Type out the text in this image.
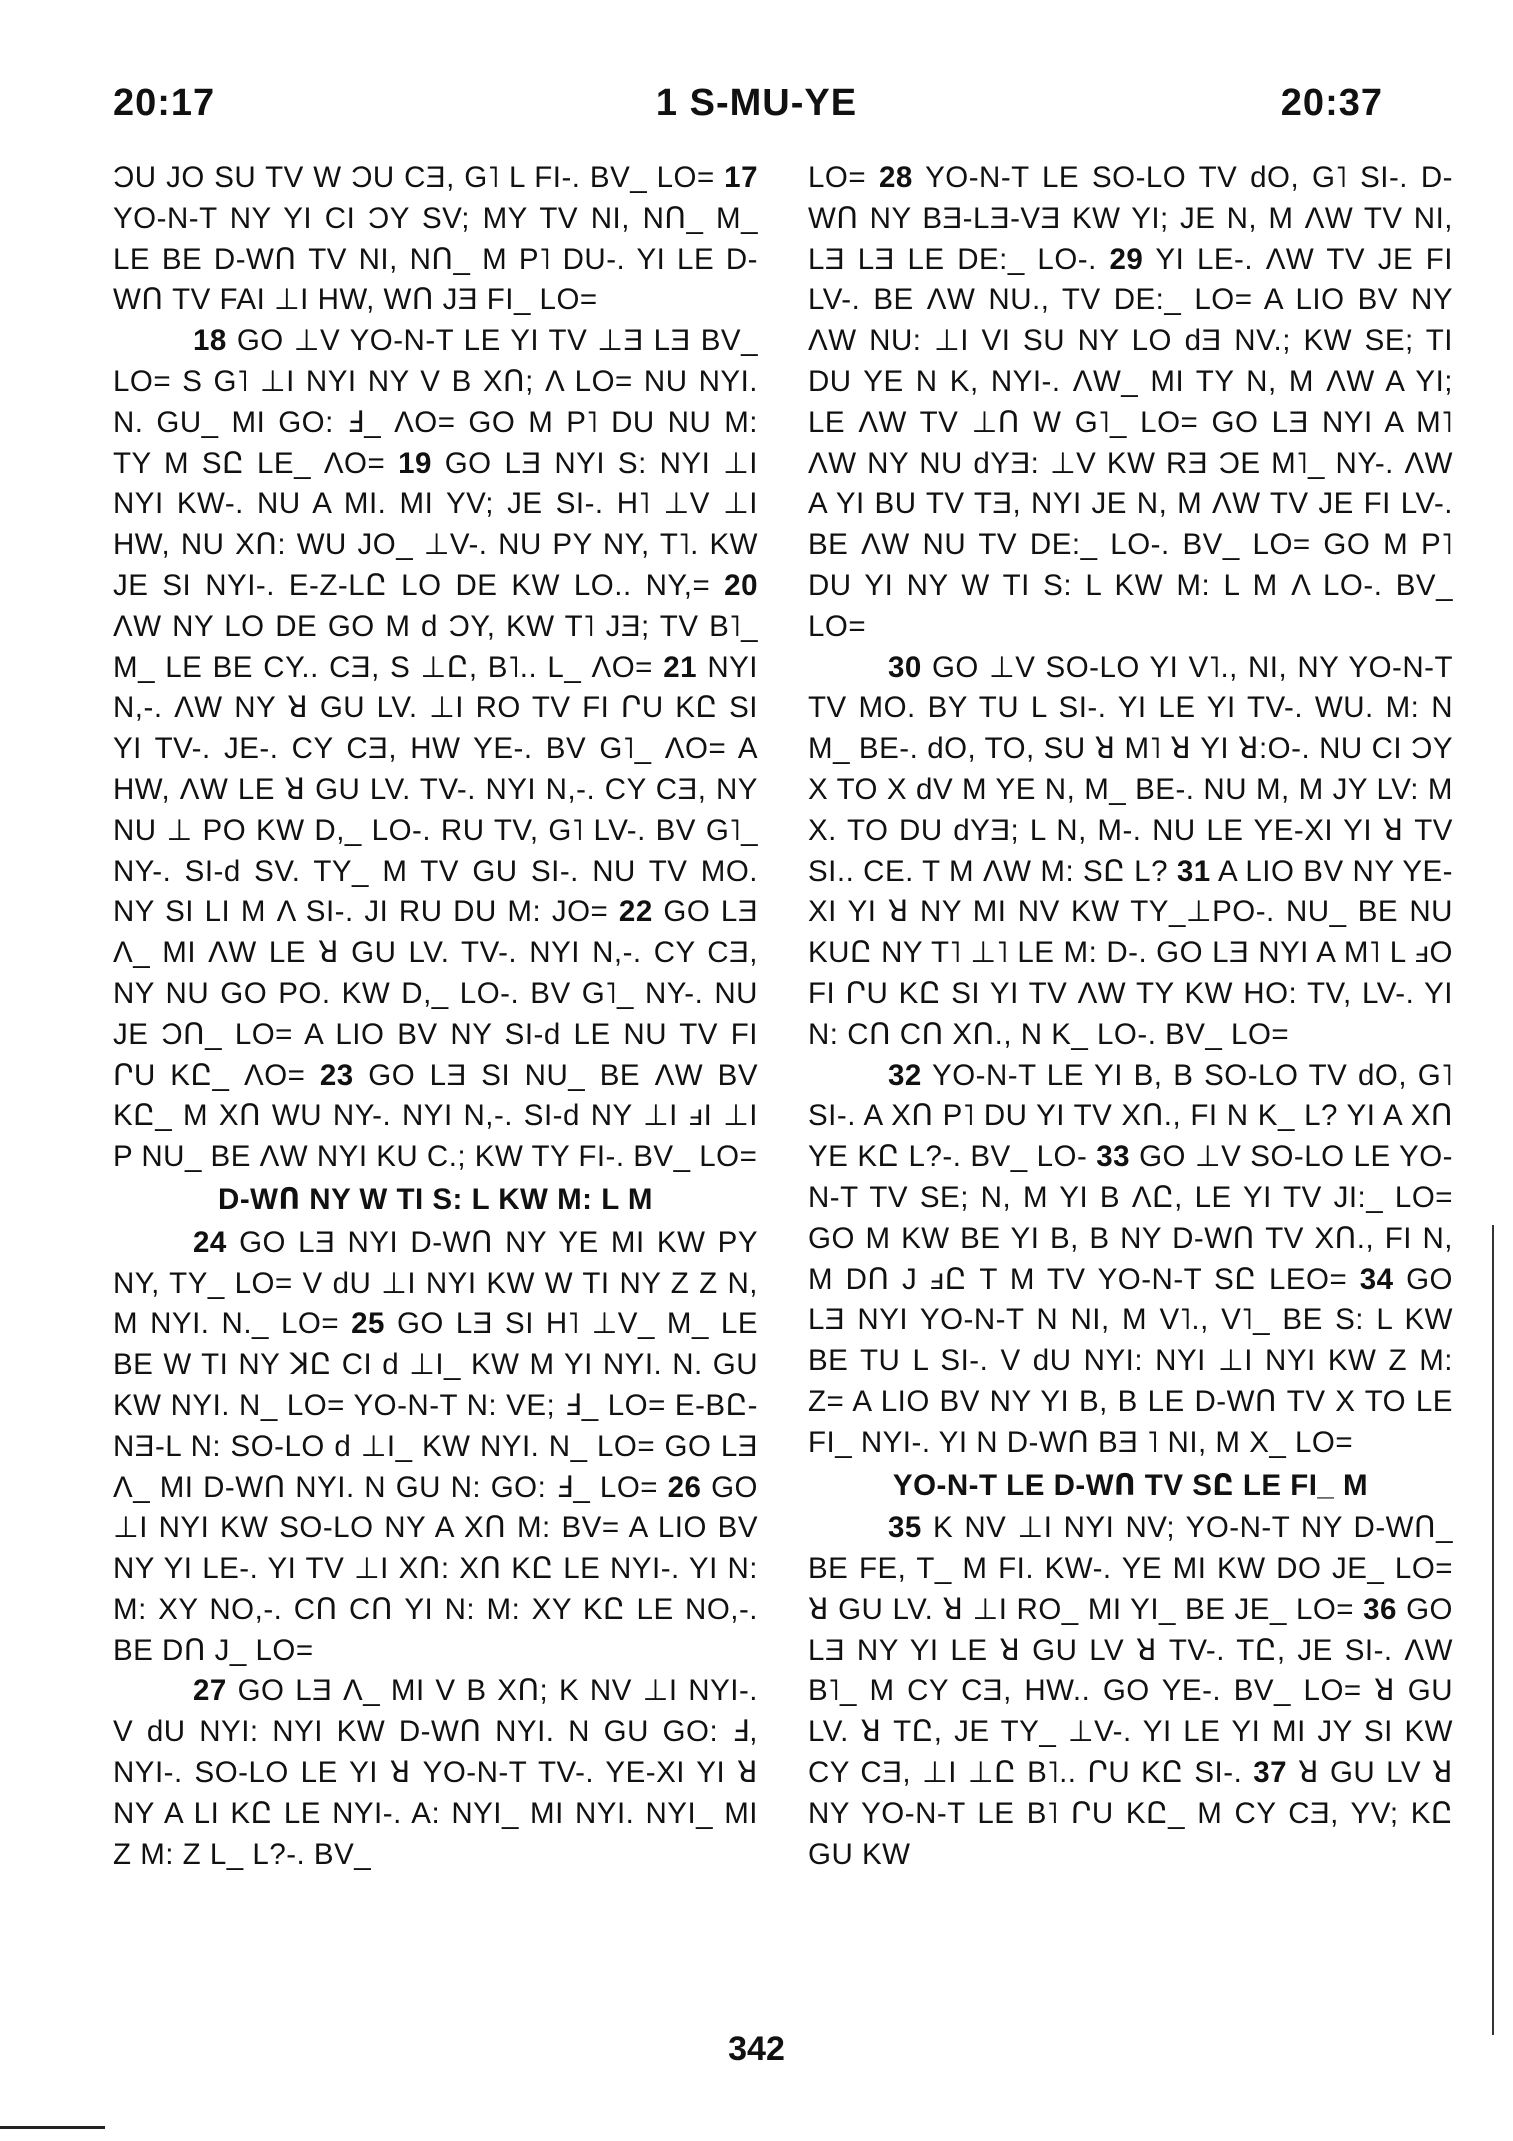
20:17	1 S-MU-YE	20:37

ƆU JO SU TV W ƆU CƎ, G˥ L FI-. BV_ LO= 17 YO-N-T NY YI CI ƆY SV; MY TV NI, NՈ_ M_ LE BE D-WՈ TV NI, NՈ_ M P˥ DU-. YI LE D-WՈ TV FAI ⊥I HW, WՈ JƎ FI_ LO=

18 GO ⊥V YO-N-T LE YI TV ⊥Ǝ LƎ BV_ LO= S G˥ ⊥I NYI NY V B XՈ; Λ LO= NU NYI. N. GU_ MI GO: Ⅎ_ ΛO= GO M P˥ DU NU M: TY M SԸ LE_ ΛO= 19 GO LƎ NYI S: NYI ⊥I NYI KW-. NU A MI. MI YV; JE SI-. H˥ ⊥V ⊥I HW, NU XՈ: WU JO_ ⊥V-. NU PY NY, T˥. KW JE SI NYI-. E-Z-LԸ LO DE KW LO.. NY,= 20 ΛW NY LO DE GO M ԁ ƆY, KW T˥ JƎ; TV B˥_ M_ LE BE CY.. CƎ, S ⊥Ը, B˥.. L_ ΛO= 21 NYI N,-. ΛW NY ꓤ GU LV. ⊥I RO TV FI ՐU KԸ SI YI TV-. JE-. CY CƎ, HW YE-. BV G˥_ ΛO= A HW, ΛW LE ꓤ GU LV. TV-. NYI N,-. CY CƎ, NY NU ⊥ PO KW D,_ LO-. RU TV, G˥ LV-. BV G˥_ NY-. SI-ԁ SV. TY_ M TV GU SI-. NU TV MO. NY SI LI M Λ SI-. JI RU DU M: JO= 22 GO LƎ Λ_ MI ΛW LE ꓤ GU LV. TV-. NYI N,-. CY CƎ, NY NU GO PO. KW D,_ LO-. BV G˥_ NY-. NU JE ƆՈ_ LO= A LIO BV NY SI-ԁ LE NU TV FI ՐU KԸ_ ΛO= 23 GO LƎ SI NU_ BE ΛW BV KԸ_ M XՈ WU NY-. NYI N,-. SI-ԁ NY ⊥I ⅎI ⊥I P NU_ BE ΛW NYI KU C.; KW TY FI-. BV_ LO=

D-WՈ NY W TI S: L KW M: L M

24 GO LƎ NYI D-WՈ NY YE MI KW PY NY, TY_ LO= V ԁU ⊥I NYI KW W TI NY Z Z N, M NYI. N._ LO= 25 GO LƎ SI H˥ ⊥V_ M_ LE BE W TI NY ꓘԸ CI ԁ ⊥I_ KW M YI NYI. N. GU KW NYI. N_ LO= YO-N-T N: VE; Ⅎ_ LO= E-BԸ-NƎ-L N: SO-LO ԁ ⊥I_ KW NYI. N_ LO= GO LƎ Λ_ MI D-WՈ NYI. N GU N: GO: Ⅎ_ LO= 26 GO ⊥I NYI KW SO-LO NY A XՈ M: BV= A LIO BV NY YI LE-. YI TV ⊥I XՈ: XՈ KԸ LE NYI-. YI N: M: XY NO,-. CՈ CՈ YI N: M: XY KԸ LE NO,-. BE DՈ J_ LO=

27 GO LƎ Λ_ MI V B XՈ; K NV ⊥I NYI-. V ԁU NYI: NYI KW D-WՈ NYI. N GU GO: Ⅎ, NYI-. SO-LO LE YI ꓤ YO-N-T TV-. YE-XI YI ꓤ NY A LI KԸ LE NYI-. A: NYI_ MI NYI. NYI_ MI Z M: Z L_ L?-. BV_

LO= 28 YO-N-T LE SO-LO TV ԁO, G˥ SI-. D-WՈ NY BƎ-LƎ-VƎ KW YI; JE N, M ΛW TV NI, LƎ LƎ LE DE:_ LO-. 29 YI LE-. ΛW TV JE FI LV-. BE ΛW NU., TV DE:_ LO= A LIO BV NY ΛW NU: ⊥I VI SU NY LO ԁƎ NV.; KW SE; TI DU YE N K, NYI-. ΛW_ MI TY N, M ΛW A YI; LE ΛW TV ⊥Ո W G˥_ LO= GO LƎ NYI A M˥ ΛW NY NU ԁYƎ: ⊥V KW RƎ ƆE M˥_ NY-. ΛW A YI BU TV TƎ, NYI JE N, M ΛW TV JE FI LV-. BE ΛW NU TV DE:_ LO-. BV_ LO= GO M P˥ DU YI NY W TI S: L KW M: L M Λ LO-. BV_ LO=

30 GO ⊥V SO-LO YI V˥., NI, NY YO-N-T TV MO. BY TU L SI-. YI LE YI TV-. WU. M: N M_ BE-. ԁO, TO, SU ꓤ M˥ ꓤ YI ꓤ:O-. NU CI ƆY X TO X ԁV M YE N, M_ BE-. NU M, M JY LV: M X. TO DU ԁYƎ; L N, M-. NU LE YE-XI YI ꓤ TV SI.. CE. T M ΛW M: SԸ L? 31 A LIO BV NY YE-XI YI ꓤ NY MI NV KW TY_⊥PO-. NU_ BE NU KUԸ NY T˥ ⊥˥ LE M: D-. GO LƎ NYI A M˥ L ⅎO FI ՐU KԸ SI YI TV ΛW TY KW HO: TV, LV-. YI N: CՈ CՈ XՈ., N K_ LO-. BV_ LO=

32 YO-N-T LE YI B, B SO-LO TV ԁO, G˥ SI-. A XՈ P˥ DU YI TV XՈ., FI N K_ L? YI A XՈ YE KԸ L?-. BV_ LO- 33 GO ⊥V SO-LO LE YO-N-T TV SE; N, M YI B ΛԸ, LE YI TV JI:_ LO= GO M KW BE YI B, B NY D-WՈ TV XՈ., FI N, M DՈ J ⅎԸ T M TV YO-N-T SԸ LEO= 34 GO LƎ NYI YO-N-T N NI, M V˥., V˥_ BE S: L KW BE TU L SI-. V ԁU NYI: NYI ⊥I NYI KW Z M: Z= A LIO BV NY YI B, B LE D-WՈ TV X TO LE FI_ NYI-. YI N D-WՈ BƎ ˥ NI, M X_ LO=

YO-N-T LE D-WՈ TV SԸ LE FI_ M

35 K NV ⊥I NYI NV; YO-N-T NY D-WՈ_ BE FE, T_ M FI. KW-. YE MI KW DO JE_ LO= ꓤ GU LV. ꓤ ⊥I RO_ MI YI_ BE JE_ LO= 36 GO LƎ NY YI LE ꓤ GU LV ꓤ TV-. TԸ, JE SI-. ΛW B˥_ M CY CƎ, HW.. GO YE-. BV_ LO= ꓤ GU LV. ꓤ TԸ, JE TY_ ⊥V-. YI LE YI MI JY SI KW CY CƎ, ⊥I ⊥Ը B˥.. ՐU KԸ SI-. 37 ꓤ GU LV ꓤ NY YO-N-T LE B˥ ՐU KԸ_ M CY CƎ, YV; KԸ GU KW

342
